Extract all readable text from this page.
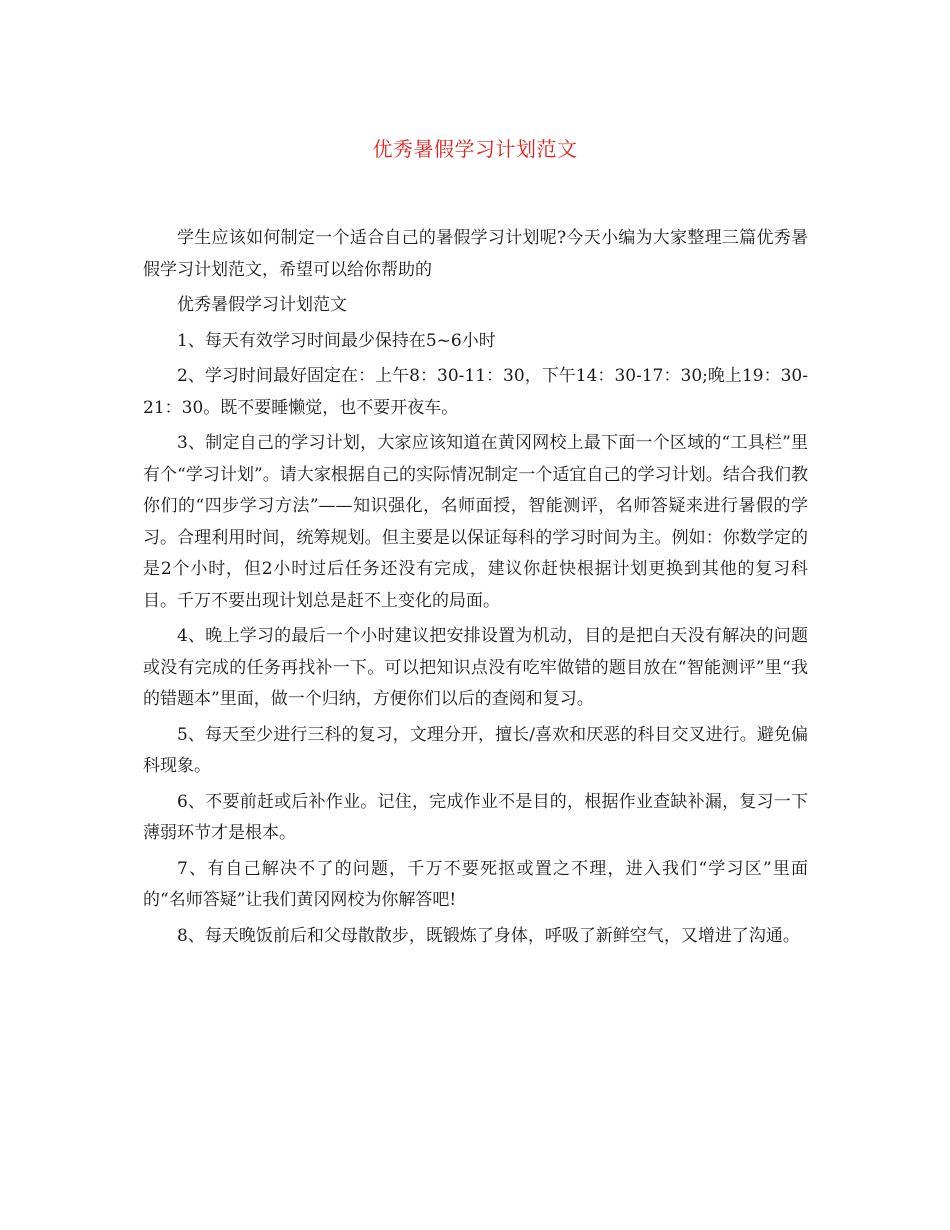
优秀暑假学习计划范文

学生应该如何制定一个适合自己的暑假学习计划呢?今天小编为大家整理三篇优秀暑假学习计划范文，希望可以给你帮助的

优秀暑假学习计划范文

1、每天有效学习时间最少保持在5~6小时

2、学习时间最好固定在：上午8：30-11：30，下午14：30-17：30;晚上19：30-21：30。既不要睡懒觉，也不要开夜车。

3、制定自己的学习计划，大家应该知道在黄冈网校上最下面一个区域的“工具栏”里有个“学习计划”。请大家根据自己的实际情况制定一个适宜自己的学习计划。结合我们教你们的“四步学习方法”——知识强化，名师面授，智能测评，名师答疑来进行暑假的学习。合理利用时间，统筹规划。但主要是以保证每科的学习时间为主。例如：你数学定的是2个小时，但2小时过后任务还没有完成，建议你赶快根据计划更换到其他的复习科目。千万不要出现计划总是赶不上变化的局面。

4、晚上学习的最后一个小时建议把安排设置为机动，目的是把白天没有解决的问题或没有完成的任务再找补一下。可以把知识点没有吃牢做错的题目放在“智能测评”里“我的错题本”里面，做一个归纳，方便你们以后的查阅和复习。

5、每天至少进行三科的复习，文理分开，擅长/喜欢和厌恶的科目交叉进行。避免偏科现象。

6、不要前赶或后补作业。记住，完成作业不是目的，根据作业查缺补漏，复习一下薄弱环节才是根本。

7、有自己解决不了的问题，千万不要死抠或置之不理，进入我们“学习区”里面的“名师答疑”让我们黄冈网校为你解答吧!

8、每天晚饭前后和父母散散步，既锻炼了身体，呼吸了新鲜空气，又增进了沟通。
